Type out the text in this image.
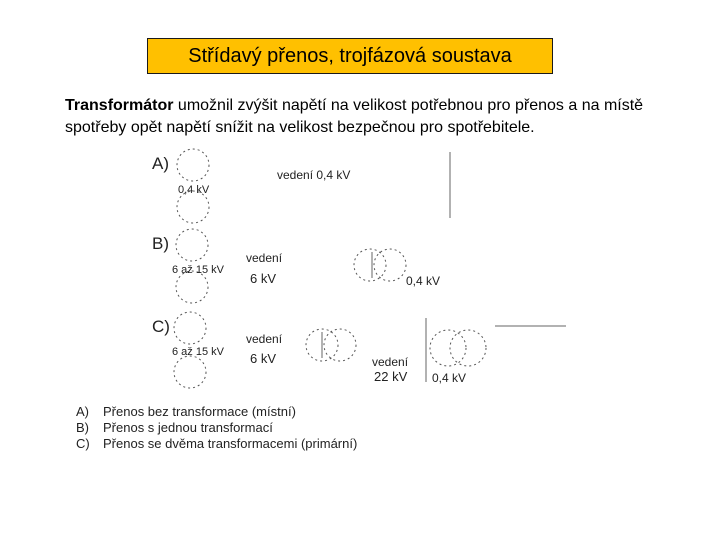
Střídavý přenos, trojfázová soustava
Transformátor umožnil zvýšit napětí na velikost potřebnou pro přenos a na místě spotřeby opět napětí snížit na velikost bezpečnou pro spotřebitele.
A)
0,4 kV
vedení 0,4 kV
B)
6 až 15 kV
vedení
6 kV	0,4 kV
C)
6 až 15 kV
vedení
6 kV	vedení
22 kV 0,4 kV
A)	Přenos bez transformace (místní)
B)	Přenos s jednou transformací
C)	Přenos se dvěma transformacemi (primární)
